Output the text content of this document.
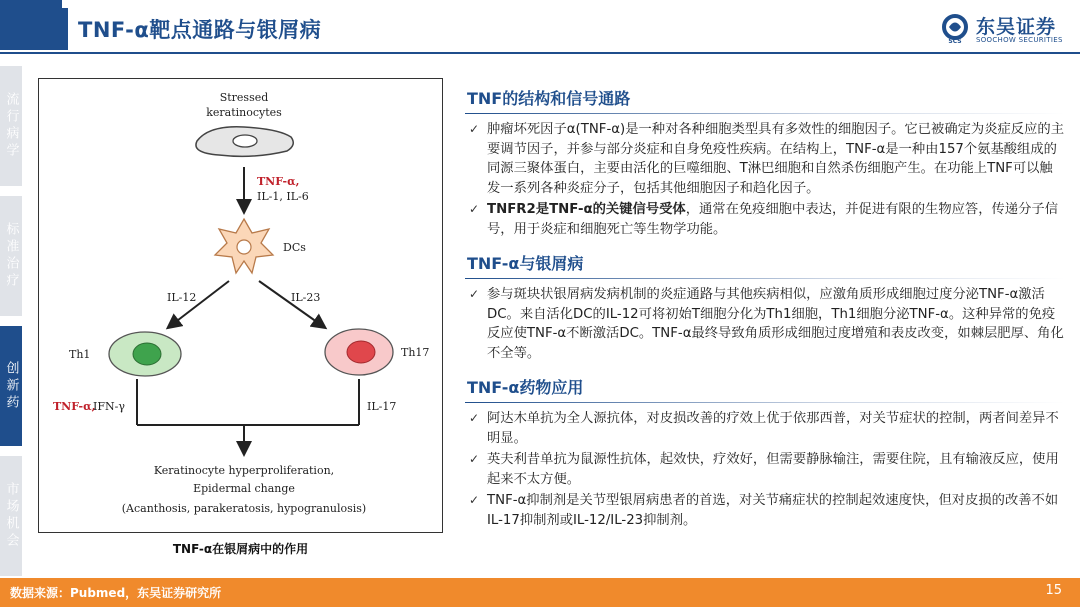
TNF-α靶点通路与银屑病	SCS
东吴证券
SOOCHOW SECURITIES
流行病学
标准治疗
创新药
市场机会
Stressed
keratinocytes
TNF-α,
IL-1, IL-6
DCs
IL-12	IL-23
Th1	Th17
TNF-α,
IFN-γ	IL-17
Keratinocyte hyperproliferation,
Epidermal change
(Acanthosis, parakeratosis, hypogranulosis)
TNF-α在银屑病中的作用
TNF的结构和信号通路
✓ 肿瘤坏死因子α(TNF-α)是一种对各种细胞类型具有多效性的细胞因子。它已被确定为炎症反应的主要调节因子，并参与部分炎症和自身免疫性疾病。在结构上，TNF-α是一种由157个氨基酸组成的同源三聚体蛋白，主要由活化的巨噬细胞、T淋巴细胞和自然杀伤细胞产生。在功能上TNF可以触发一系列各种炎症分子，包括其他细胞因子和趋化因子。
✓ TNFR2是TNF-α的关键信号受体，通常在免疫细胞中表达，并促进有限的生物应答，传递分子信号，用于炎症和细胞死亡等生物学功能。
TNF-α与银屑病
✓ 参与斑块状银屑病发病机制的炎症通路与其他疾病相似，应激角质形成细胞过度分泌TNF-α激活DC。来自活化DC的IL-12可将初始T细胞分化为Th1细胞，Th1细胞分泌TNF-α。这种异常的免疫反应使TNF-α不断激活DC。TNF-α最终导致角质形成细胞过度增殖和表皮改变，如棘层肥厚、角化不全等。
TNF-α药物应用
✓ 阿达木单抗为全人源抗体，对皮损改善的疗效上优于依那西普，对关节症状的控制，两者间差异不明显。
✓ 英夫利昔单抗为鼠源性抗体，起效快，疗效好，但需要静脉输注，需要住院，且有输液反应，使用起来不太方便。
✓ TNF-α抑制剂是关节型银屑病患者的首选，对关节痛症状的控制起效速度快，但对皮损的改善不如IL-17抑制剂或IL-12/IL-23抑制剂。
数据来源：Pubmed，东吴证券研究所	15
